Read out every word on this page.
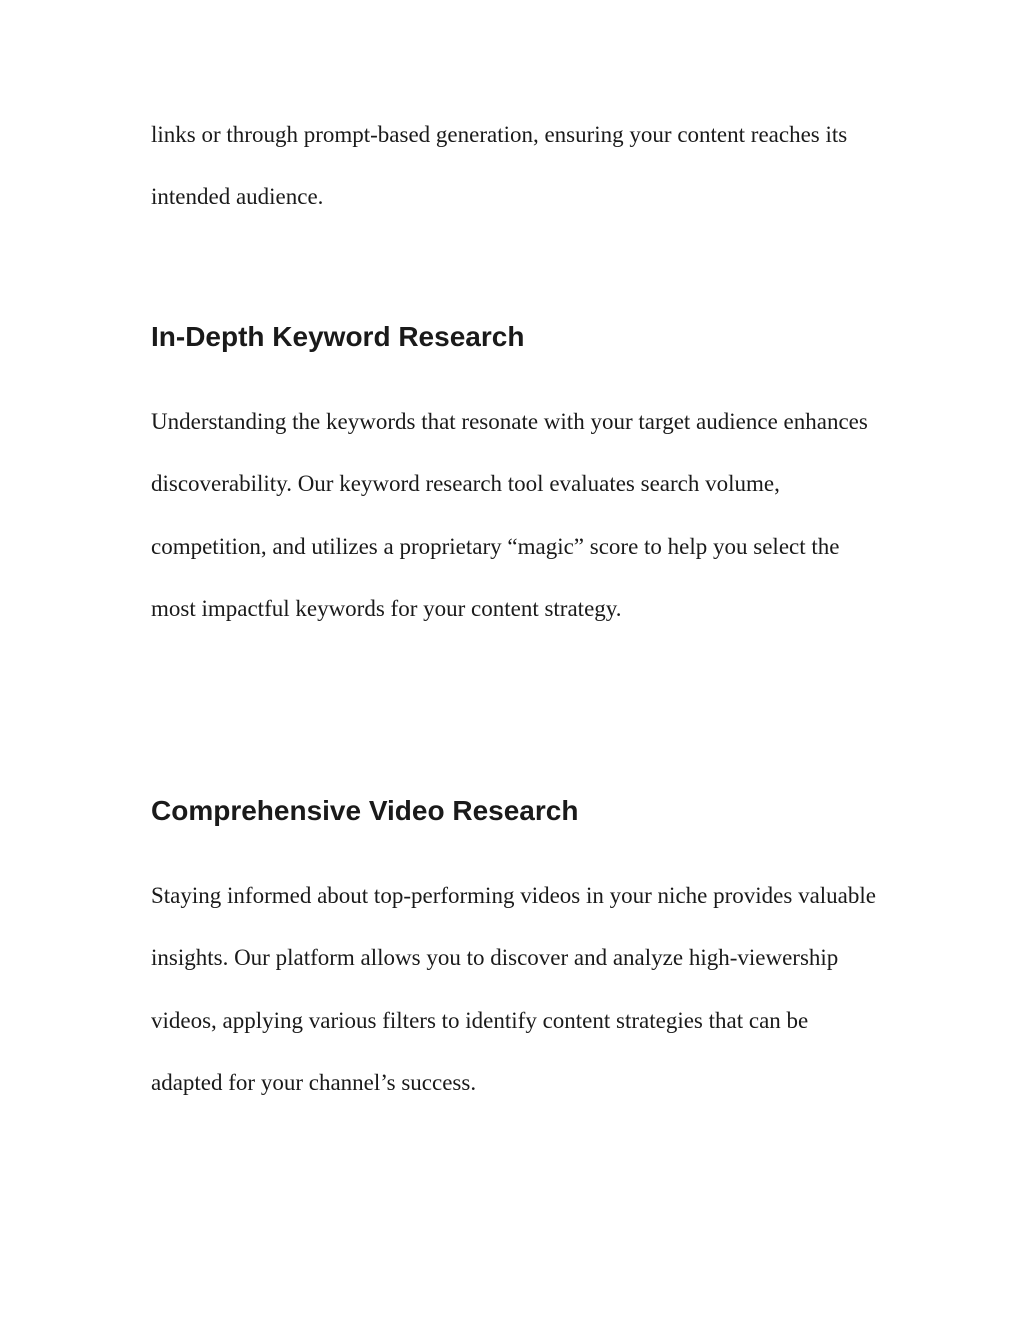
links or through prompt-based generation, ensuring your content reaches its intended audience.

In-Depth Keyword Research

Understanding the keywords that resonate with your target audience enhances discoverability. Our keyword research tool evaluates search volume, competition, and utilizes a proprietary “magic” score to help you select the most impactful keywords for your content strategy.

Comprehensive Video Research

Staying informed about top-performing videos in your niche provides valuable insights. Our platform allows you to discover and analyze high-viewership videos, applying various filters to identify content strategies that can be adapted for your channel’s success.
